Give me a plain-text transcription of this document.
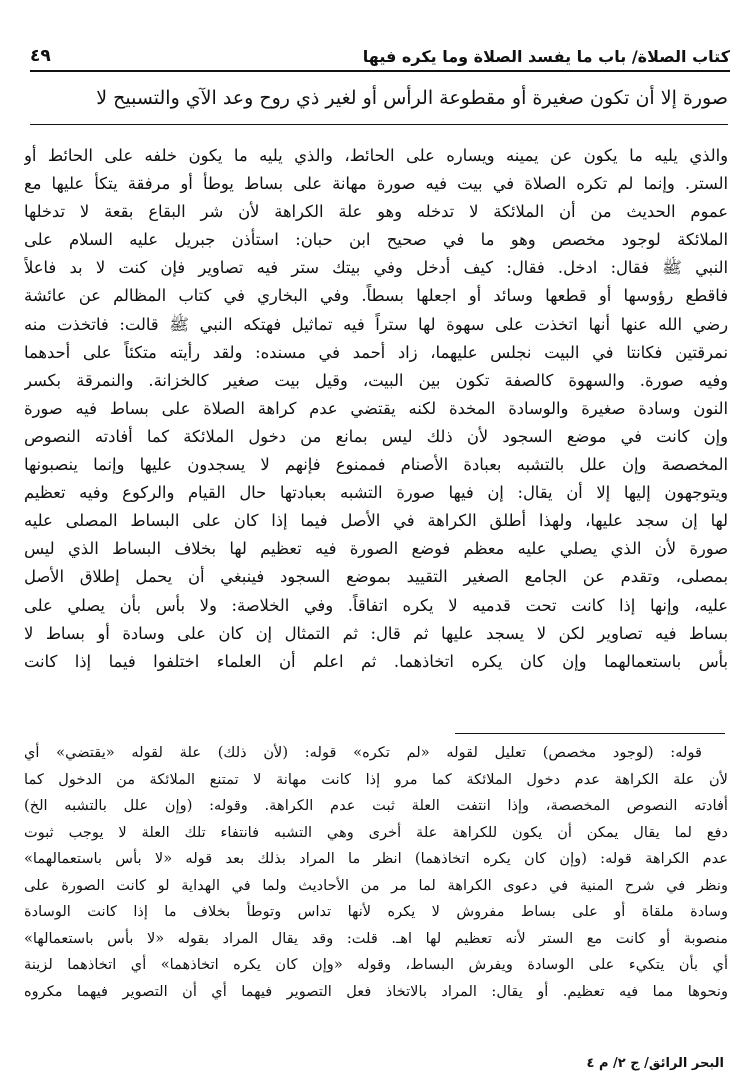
كتاب الصلاة/ باب ما يفسد الصلاة وما يكره فيها
٤٩
صورة إلا أن تكون صغيرة أو مقطوعة الرأس أو لغير ذي روح وعد الآي والتسبيح لا
والذي يليه ما يكون عن يمينه ويساره على الحائط، والذي يليه ما يكون خلفه على الحائط أو
الستر. وإنما لم تكره الصلاة في بيت فيه صورة مهانة على بساط يوطأ أو مرفقة يتكأ عليها مع
عموم الحديث من أن الملائكة لا تدخله وهو علة الكراهة لأن شر البقاع بقعة لا تدخلها
الملائكة لوجود مخصص وهو ما في صحيح ابن حبان: استأذن جبريل عليه السلام على
النبي ﷺ فقال: ادخل. فقال: كيف أدخل وفي بيتك ستر فيه تصاوير فإن كنت لا بد فاعلاً
فاقطع رؤوسها أو قطعها وسائد أو اجعلها بسطاً. وفي البخاري في كتاب المظالم عن عائشة
رضي الله عنها أنها اتخذت على سهوة لها ستراً فيه تماثيل فهتكه النبي ﷺ قالت: فاتخذت منه
نمرقتين فكانتا في البيت نجلس عليهما، زاد أحمد في مسنده: ولقد رأيته متكئاً على أحدهما
وفيه صورة. والسهوة كالصفة تكون بين البيت، وقيل بيت صغير كالخزانة. والنمرقة بكسر
النون وسادة صغيرة والوسادة المخدة لكنه يقتضي عدم كراهة الصلاة على بساط فيه صورة
وإن كانت في موضع السجود لأن ذلك ليس بمانع من دخول الملائكة كما أفادته النصوص
المخصصة وإن علل بالتشبه بعبادة الأصنام فممنوع فإنهم لا يسجدون عليها وإنما ينصبونها
ويتوجهون إليها إلا أن يقال: إن فيها صورة التشبه بعبادتها حال القيام والركوع وفيه تعظيم
لها إن سجد عليها، ولهذا أطلق الكراهة في الأصل فيما إذا كان على البساط المصلى عليه
صورة لأن الذي يصلي عليه معظم فوضع الصورة فيه تعظيم لها بخلاف البساط الذي ليس
بمصلى، وتقدم عن الجامع الصغير التقييد بموضع السجود فينبغي أن يحمل إطلاق الأصل
عليه، وإنها إذا كانت تحت قدميه لا يكره اتفاقاً. وفي الخلاصة: ولا بأس بأن يصلي على
بساط فيه تصاوير لكن لا يسجد عليها ثم قال: ثم التمثال إن كان على وسادة أو بساط لا
بأس باستعمالهما وإن كان يكره اتخاذهما. ثم اعلم أن العلماء اختلفوا فيما إذا كانت
قوله: (لوجود مخصص) تعليل لقوله «لم تكره» قوله: (لأن ذلك) علة لقوله «يقتضي» أي
لأن علة الكراهة عدم دخول الملائكة كما مرو إذا كانت مهانة لا تمتنع الملائكة من الدخول كما
أفادته النصوص المخصصة، وإذا انتفت العلة ثبت عدم الكراهة. وقوله: (وإن علل بالتشبه الخ)
دفع لما يقال يمكن أن يكون للكراهة علة أخرى وهي التشبه فانتفاء تلك العلة لا يوجب ثبوت
عدم الكراهة قوله: (وإن كان يكره اتخاذهما) انظر ما المراد بذلك بعد قوله «لا بأس باستعمالهما»
ونظر في شرح المنية في دعوى الكراهة لما مر من الأحاديث ولما في الهداية لو كانت الصورة على
وسادة ملقاة أو على بساط مفروش لا يكره لأنها تداس وتوطأ بخلاف ما إذا كانت الوسادة
منصوبة أو كانت مع الستر لأنه تعظيم لها اهـ. قلت: وقد يقال المراد بقوله «لا بأس باستعمالها»
أي بأن يتكيء على الوسادة ويفرش البساط، وقوله «وإن كان يكره اتخاذهما» أي اتخاذهما لزينة
ونحوها مما فيه تعظيم. أو يقال: المراد بالاتخاذ فعل التصوير فيهما أي أن التصوير فيهما مكروه
البحر الرائق/ ج ٢/ م ٤
